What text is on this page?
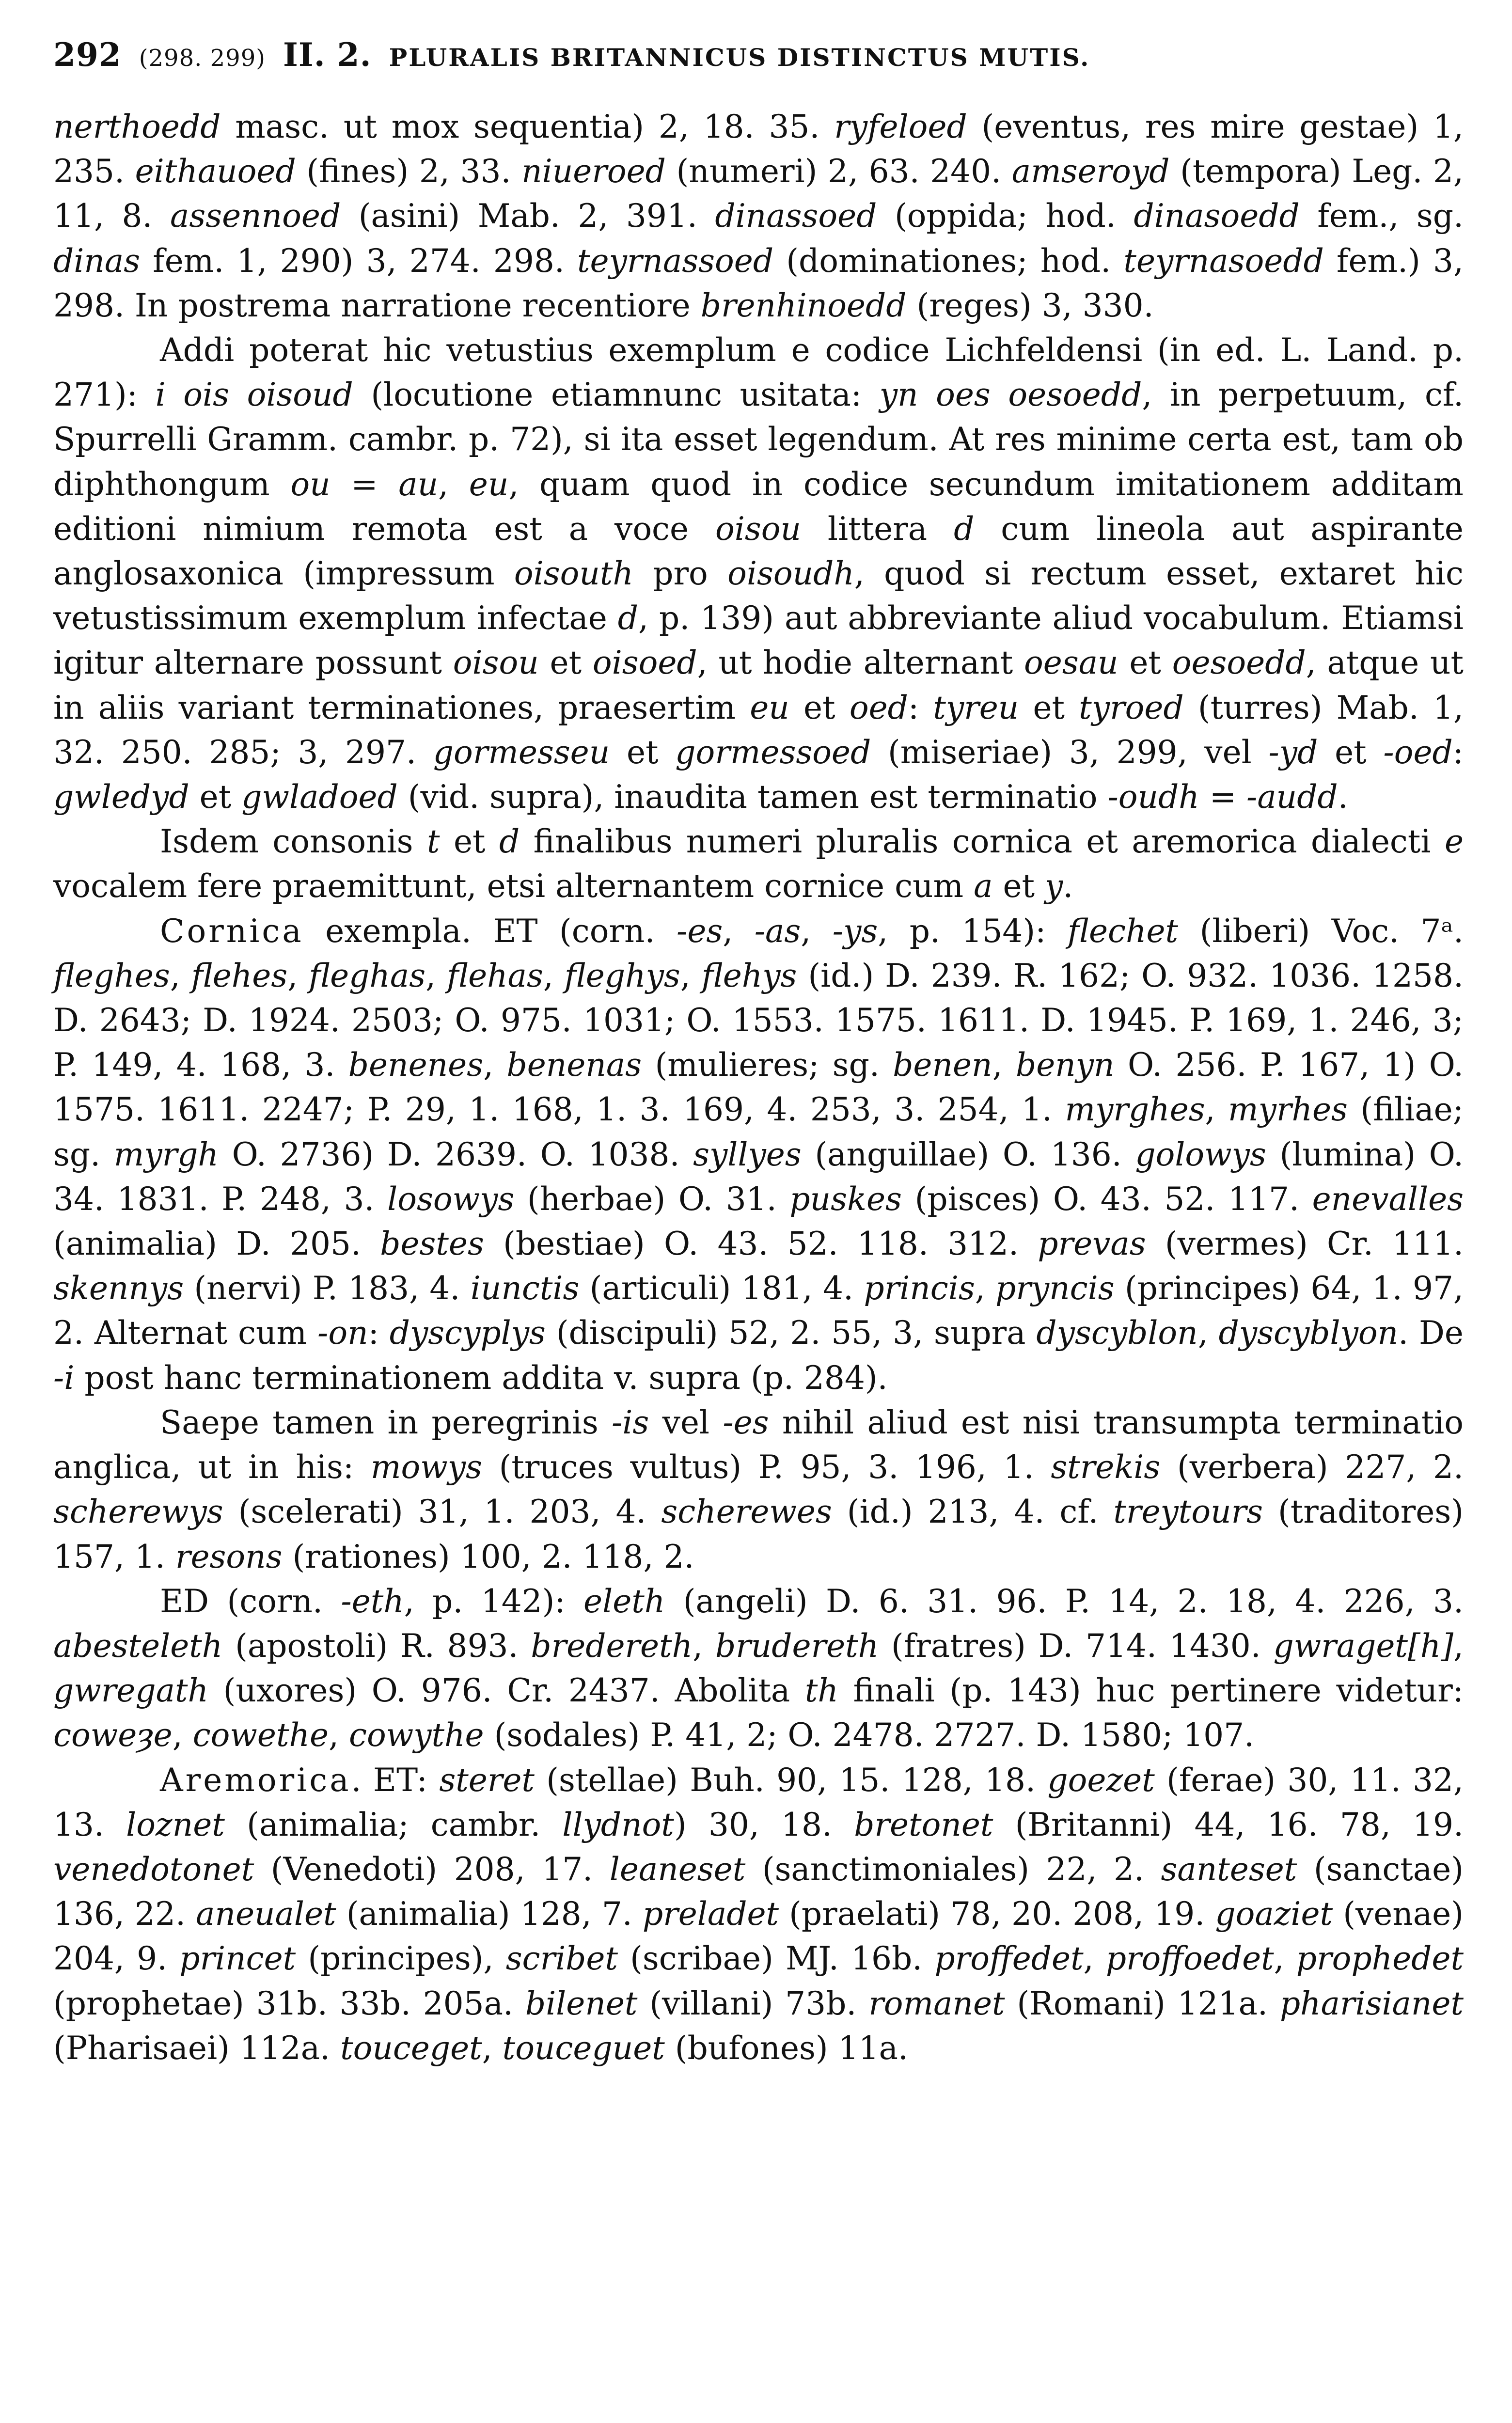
292 (298. 299) II. 2. PLURALIS BRITANNICUS DISTINCTUS MUTIS.

nerthoedd masc. ut mox sequentia) 2, 18. 35. ryfeloed (eventus, res mire gestae) 1, 235. eithauoed (fines) 2, 33. niueroed (numeri) 2, 63. 240. amseroyd (tempora) Leg. 2, 11, 8. assennoed (asini) Mab. 2, 391. dinassoed (oppida; hod. dinasoedd fem., sg. dinas fem. 1, 290) 3, 274. 298. teyrnassoed (dominationes; hod. teyrnasoedd fem.) 3, 298. In postrema narratione recentiore brenhinoedd (reges) 3, 330.

Addi poterat hic vetustius exemplum e codice Lichfeldensi (in ed. L. Land. p. 271): i ois oisoud (locutione etiamnunc usitata: yn oes oesoedd, in perpetuum, cf. Spurrelli Gramm. cambr. p. 72), si ita esset legendum. At res minime certa est, tam ob diphthongum ou = au, eu, quam quod in codice secundum imitationem additam editioni nimium remota est a voce oisou littera d cum lineola aut aspirante anglosaxonica (impressum oisouth pro oisoudh, quod si rectum esset, extaret hic vetustissimum exemplum infectae d, p. 139) aut abbreviante aliud vocabulum. Etiamsi igitur alternare possunt oisou et oisoed, ut hodie alternant oesau et oesoedd, atque ut in aliis variant terminationes, praesertim eu et oed: tyreu et tyroed (turres) Mab. 1, 32. 250. 285; 3, 297. gormesseu et gormessoed (miseriae) 3, 299, vel -yd et -oed: gwledyd et gwladoed (vid. supra), inaudita tamen est terminatio -oudh = -audd.

Isdem consonis t et d finalibus numeri pluralis cornica et aremorica dialecti e vocalem fere praemittunt, etsi alternantem cornice cum a et y.

Cornica exempla. ET (corn. -es, -as, -ys, p. 154): flechet (liberi) Voc. 7ᵃ. fleghes, flehes, fleghas, flehas, fleghys, flehys (id.) D. 239. R. 162; O. 932. 1036. 1258. D. 2643; D. 1924. 2503; O. 975. 1031; O. 1553. 1575. 1611. D. 1945. P. 169, 1. 246, 3; P. 149, 4. 168, 3. benenes, benenas (mulieres; sg. benen, benyn O. 256. P. 167, 1) O. 1575. 1611. 2247; P. 29, 1. 168, 1. 3. 169, 4. 253, 3. 254, 1. myrghes, myrhes (filiae; sg. myrgh O. 2736) D. 2639. O. 1038. syllyes (anguillae) O. 136. golowys (lumina) O. 34. 1831. P. 248, 3. losowys (herbae) O. 31. puskes (pisces) O. 43. 52. 117. enevalles (animalia) D. 205. bestes (bestiae) O. 43. 52. 118. 312. prevas (vermes) Cr. 111. skennys (nervi) P. 183, 4. iunctis (articuli) 181, 4. princis, pryncis (principes) 64, 1. 97, 2. Alternat cum -on: dyscyplys (discipuli) 52, 2. 55, 3, supra dyscyblon, dyscyblyon. De -i post hanc terminationem addita v. supra (p. 284).

Saepe tamen in peregrinis -is vel -es nihil aliud est nisi transumpta terminatio anglica, ut in his: mowys (truces vultus) P. 95, 3. 196, 1. strekis (verbera) 227, 2. scherewys (scelerati) 31, 1. 203, 4. scherewes (id.) 213, 4. cf. treytours (traditores) 157, 1. resons (rationes) 100, 2. 118, 2.

ED (corn. -eth, p. 142): eleth (angeli) D. 6. 31. 96. P. 14, 2. 18, 4. 226, 3. abesteleth (apostoli) R. 893. bredereth, brudereth (fratres) D. 714. 1430. gwraget[h], gwregath (uxores) O. 976. Cr. 2437. Abolita th finali (p. 143) huc pertinere videtur: coweȝe, cowethe, cowythe (sodales) P. 41, 2; O. 2478. 2727. D. 1580; 107.

Aremorica. ET: steret (stellae) Buh. 90, 15. 128, 18. goezet (ferae) 30, 11. 32, 13. loznet (animalia; cambr. llydnot) 30, 18. bretonet (Britanni) 44, 16. 78, 19. venedotonet (Venedoti) 208, 17. leaneset (sanctimoniales) 22, 2. santeset (sanctae) 136, 22. aneualet (animalia) 128, 7. preladet (praelati) 78, 20. 208, 19. goaziet (venae) 204, 9. princet (principes), scribet (scribae) MJ. 16b. proffedet, proffoedet, prophedet (prophetae) 31b. 33b. 205a. bilenet (villani) 73b. romanet (Romani) 121a. pharisianet (Pharisaei) 112a. touceget, touceguet (bufones) 11a.
